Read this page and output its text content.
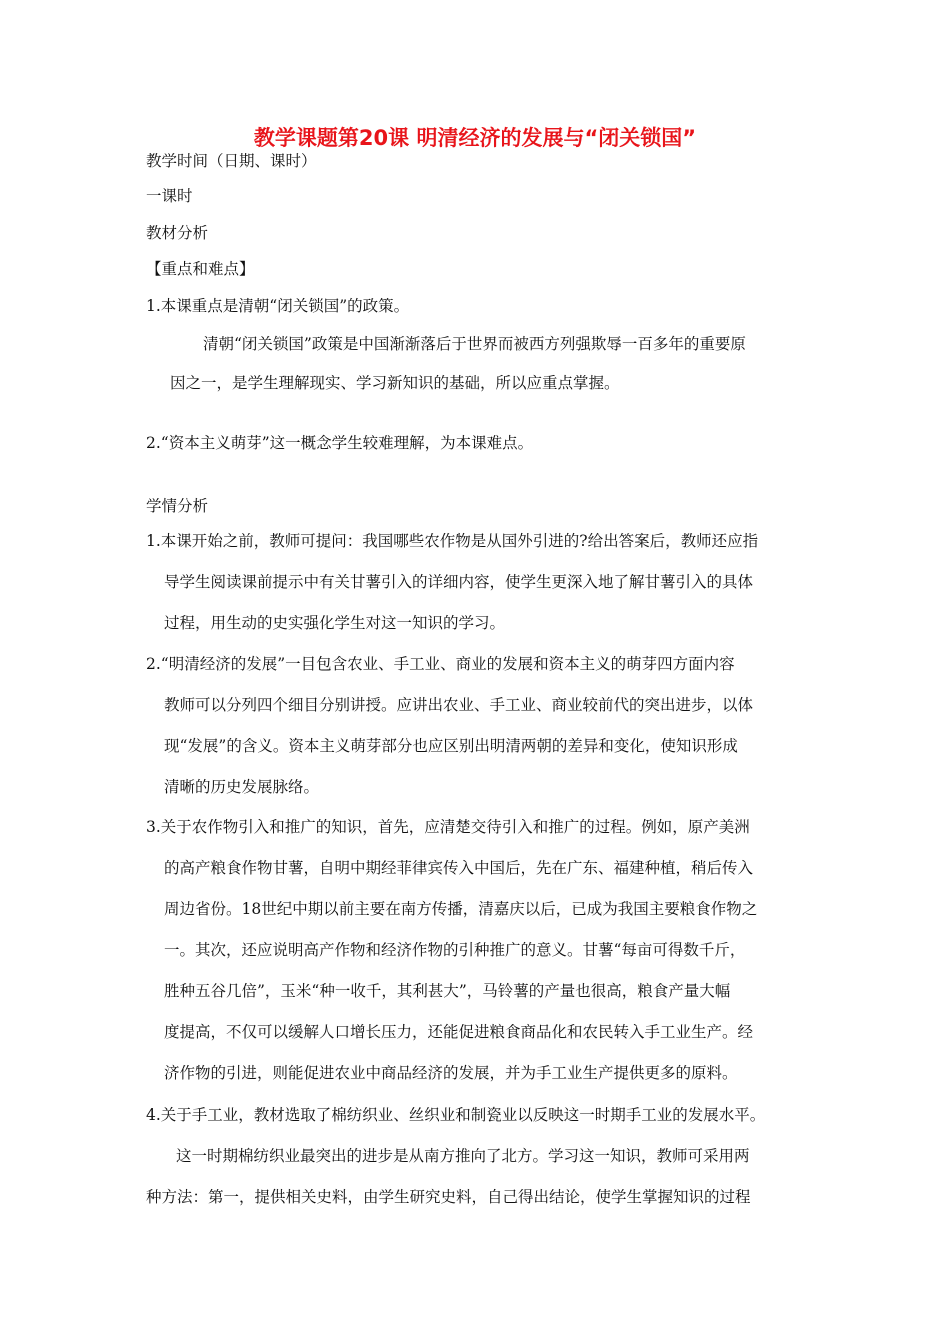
教学课题第20课 明清经济的发展与“闭关锁国”
教学时间（日期、课时）
一课时
教材分析
【重点和难点】
1.本课重点是清朝“闭关锁国”的政策。
清朝“闭关锁国”政策是中国渐渐落后于世界而被西方列强欺辱一百多年的重要原
因之一，是学生理解现实、学习新知识的基础，所以应重点掌握。
2.“资本主义萌芽”这一概念学生较难理解，为本课难点。
学情分析
1.本课开始之前，教师可提问：我国哪些农作物是从国外引进的?给出答案后，教师还应指
导学生阅读课前提示中有关甘薯引入的详细内容，使学生更深入地了解甘薯引入的具体
过程，用生动的史实强化学生对这一知识的学习。
2.“明清经济的发展”一目包含农业、手工业、商业的发展和资本主义的萌芽四方面内容
教师可以分列四个细目分别讲授。应讲出农业、手工业、商业较前代的突出进步，以体
现“发展”的含义。资本主义萌芽部分也应区别出明清两朝的差异和变化，使知识形成
清晰的历史发展脉络。
3.关于农作物引入和推广的知识，首先，应清楚交待引入和推广的过程。例如，原产美洲
的高产粮食作物甘薯，自明中期经菲律宾传入中国后，先在广东、福建种植，稍后传入
周边省份。18世纪中期以前主要在南方传播，清嘉庆以后，已成为我国主要粮食作物之
一。其次，还应说明高产作物和经济作物的引种推广的意义。甘薯“每亩可得数千斤，
胜种五谷几倍”，玉米“种一收千，其利甚大”，马铃薯的产量也很高，粮食产量大幅
度提高，不仅可以缓解人口增长压力，还能促进粮食商品化和农民转入手工业生产。经
济作物的引进，则能促进农业中商品经济的发展，并为手工业生产提供更多的原料。
4.关于手工业，教材选取了棉纺织业、丝织业和制瓷业以反映这一时期手工业的发展水平。
这一时期棉纺织业最突出的进步是从南方推向了北方。学习这一知识，教师可采用两
种方法：第一，提供相关史料，由学生研究史料，自己得出结论，使学生掌握知识的过程
